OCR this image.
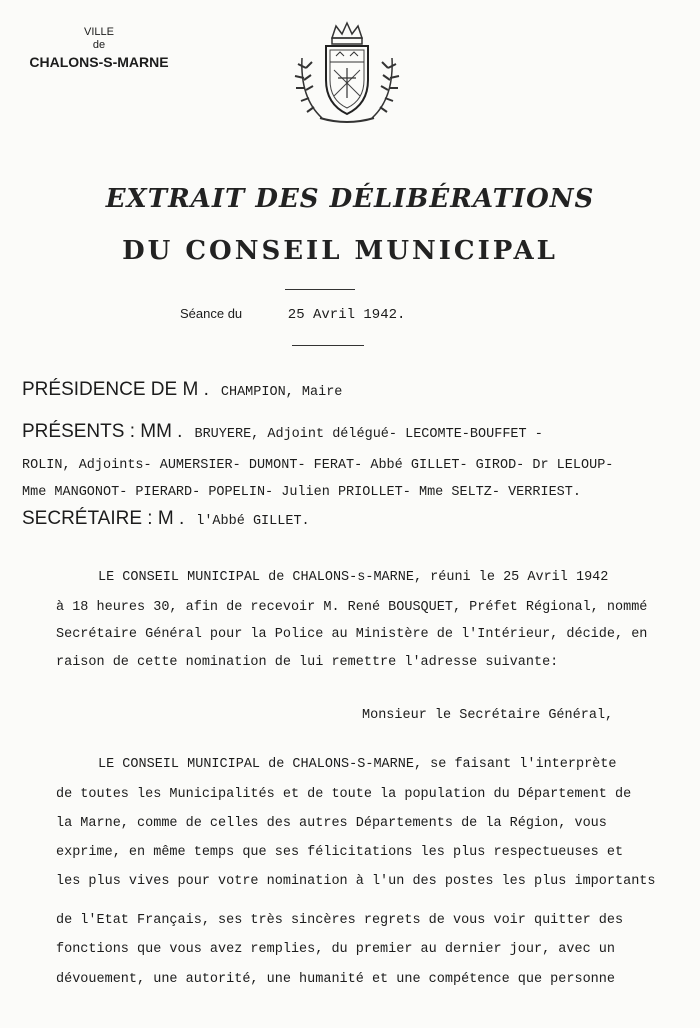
VILLE
de
CHALONS-S-MARNE
EXTRAIT DES DÉLIBÉRATIONS
DU CONSEIL MUNICIPAL
Séance du	25 Avril 1942.
PRÉSIDENCE DE M . CHAMPION, Maire
PRÉSENTS : MM . BRUYERE, Adjoint délégué- LECOMTE-BOUFFET -
ROLIN, Adjoints- AUMERSIER- DUMONT- FERAT- Abbé GILLET- GIROD- Dr LELOUP-
Mme MANGONOT- PIERARD- POPELIN- Julien PRIOLLET- Mme SELTZ- VERRIEST.
SECRÉTAIRE : M . l'Abbé GILLET.
LE CONSEIL MUNICIPAL de CHALONS-s-MARNE, réuni le 25 Avril 1942
à 18 heures 30, afin de recevoir M. René BOUSQUET, Préfet Régional, nommé
Secrétaire Général pour la Police au Ministère de l'Intérieur, décide, en
raison de cette nomination de lui remettre l'adresse suivante:
Monsieur le Secrétaire Général,
LE CONSEIL MUNICIPAL de CHALONS-S-MARNE, se faisant l'interprète
de toutes les Municipalités et de toute la population du Département de
la Marne, comme de celles des autres Départements de la Région, vous
exprime, en même temps que ses félicitations les plus respectueuses et
les plus vives pour votre nomination à l'un des postes les plus importants
de l'Etat Français, ses très sincères regrets de vous voir quitter des
fonctions que vous avez remplies, du premier au dernier jour, avec un
dévouement, une autorité, une humanité et une compétence que personne
